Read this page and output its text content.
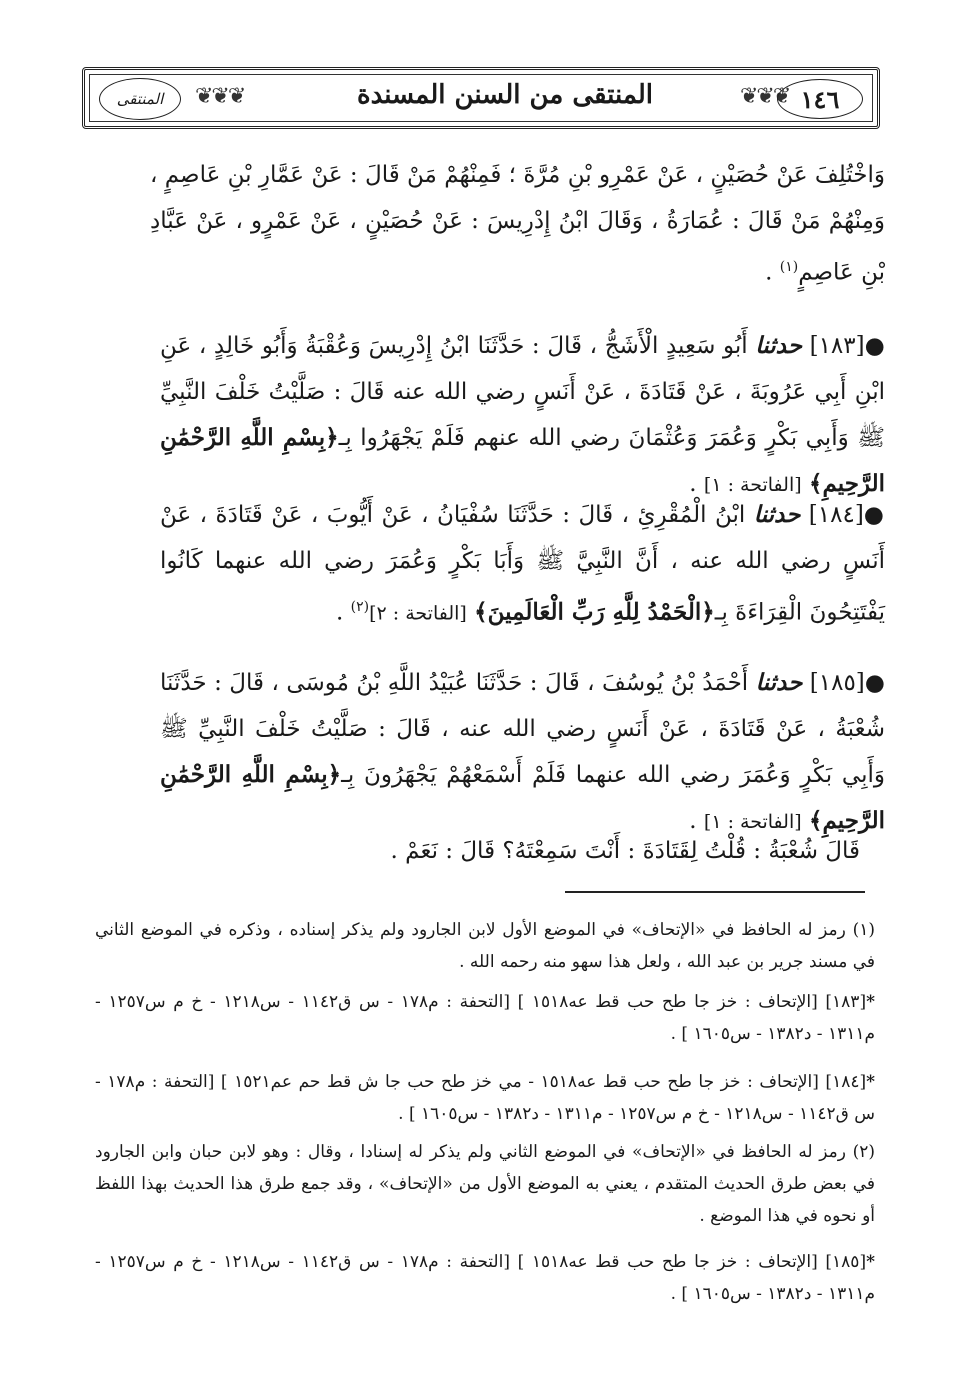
المنتقى ❦❦❦	المنتقى من السنن المسندة	❦❦❦ ١٤٦
وَاخْتُلِفَ عَنْ حُصَيْنٍ ، عَنْ عَمْرِو بْنِ مُرَّةَ ؛ فَمِنْهُمْ مَنْ قَالَ : عَنْ عَمَّارِ بْنِ عَاصِمٍ ، وَمِنْهُمْ مَنْ قَالَ : عُمَارَةُ ، وَقَالَ ابْنُ إِدْرِيسَ : عَنْ حُصَيْنٍ ، عَنْ عَمْرٍو ، عَنْ عَبَّادِ بْنِ عَاصِمٍ$^{(١)}$ .
●[١٨٣] حدثنا أَبُو سَعِيدٍ الْأَشَجُّ ، قَالَ : حَدَّثَنَا ابْنُ إِدْرِيسَ وَعُقْبَةُ وَأَبُو خَالِدٍ ، عَنِ ابْنِ أَبِي عَرُوبَةَ ، عَنْ قَتَادَةَ ، عَنْ أَنَسٍ رضي الله عنه قَالَ : صَلَّيْتُ خَلْفَ النَّبِيِّ ﷺ وَأَبِي بَكْرٍ وَعُمَرَ وَعُثْمَانَ رضي الله عنهم فَلَمْ يَجْهَرُوا بِـ﴿بِسْمِ اللَّهِ الرَّحْمَٰنِ الرَّحِيمِ﴾ [الفاتحة : ١] .
●[١٨٤] حدثنا ابْنُ الْمُقْرِئِ ، قَالَ : حَدَّثَنَا سُفْيَانُ ، عَنْ أَيُّوبَ ، عَنْ قَتَادَةَ ، عَنْ أَنَسٍ رضي الله عنه ، أَنَّ النَّبِيَّ ﷺ وَأَبَا بَكْرٍ وَعُمَرَ رضي الله عنهما كَانُوا يَفْتَتِحُونَ الْقِرَاءَةَ بِـ﴿الْحَمْدُ لِلَّهِ رَبِّ الْعَالَمِينَ﴾ [الفاتحة : ٢]$^{(٢)}$ .
●[١٨٥] حدثنا أَحْمَدُ بْنُ يُوسُفَ ، قَالَ : حَدَّثَنَا عُبَيْدُ اللَّهِ بْنُ مُوسَى ، قَالَ : حَدَّثَنَا شُعْبَةُ ، عَنْ قَتَادَةَ ، عَنْ أَنَسٍ رضي الله عنه ، قَالَ : صَلَّيْتُ خَلْفَ النَّبِيِّ ﷺ وَأَبِي بَكْرٍ وَعُمَرَ رضي الله عنهما فَلَمْ أَسْمَعْهُمْ يَجْهَرُونَ بِـ﴿بِسْمِ اللَّهِ الرَّحْمَٰنِ الرَّحِيمِ﴾ [الفاتحة : ١] .
قَالَ شُعْبَةُ : قُلْتُ لِقَتَادَةَ : أَنْتَ سَمِعْتَهُ؟ قَالَ : نَعَمْ .
(١) رمز له الحافظ في «الإتحاف» في الموضع الأول لابن الجارود ولم يذكر إسناده ، وذكره في الموضع الثاني في مسند جرير بن عبد الله ، ولعل هذا سهو منه رحمه الله .
*[١٨٣] [الإتحاف : خز جا طح حب قط عه١٥١٨ ] [التحفة : م١٧٨ - س ق١١٤٢ - س١٢١٨ - خ م س١٢٥٧ - م١٣١١ - د١٣٨٢ - س١٦٠٥ ] .
*[١٨٤] [الإتحاف : خز جا طح حب قط عه١٥١٨ - مي خز طح حب جا ش قط حم عم١٥٢١ ] [التحفة : م١٧٨ - س ق١١٤٢ - س١٢١٨ - خ م س١٢٥٧ - م١٣١١ - د١٣٨٢ - س١٦٠٥ ] .
(٢) رمز له الحافظ في «الإتحاف» في الموضع الثاني ولم يذكر له إسنادا ، وقال : وهو لابن حبان وابن الجارود في بعض طرق الحديث المتقدم ، يعني به الموضع الأول من «الإتحاف» ، وقد جمع طرق هذا الحديث بهذا اللفظ أو نحوه في هذا الموضع .
*[١٨٥] [الإتحاف : خز جا طح حب قط عه١٥١٨ ] [التحفة : م١٧٨ - س ق١١٤٢ - س١٢١٨ - خ م س١٢٥٧ - م١٣١١ - د١٣٨٢ - س١٦٠٥ ] .
